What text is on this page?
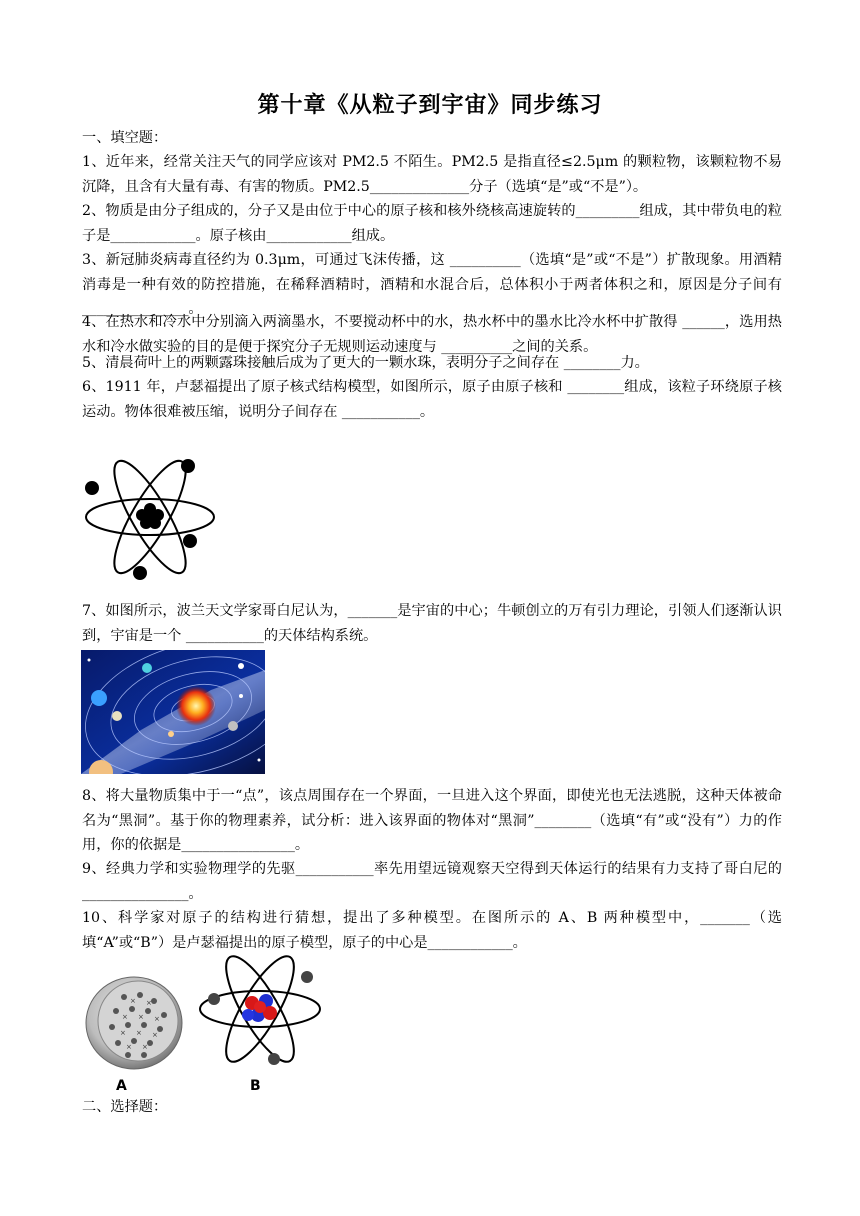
第十章《从粒子到宇宙》同步练习
一、填空题：
1、近年来，经常关注天气的同学应该对 PM2.5 不陌生。PM2.5 是指直径≤2.5μm 的颗粒物，该颗粒物不易沉降，且含有大量有毒、有害的物质。PM2.5______________分子（选填“是”或“不是”）。
2、物质是由分子组成的，分子又是由位于中心的原子核和核外绕核高速旋转的_________组成，其中带负电的粒子是____________。原子核由____________组成。
3、新冠肺炎病毒直径约为 0.3μm，可通过飞沫传播，这 __________（选填“是”或“不是”）扩散现象。用酒精消毒是一种有效的防控措施，在稀释酒精时，酒精和水混合后，总体积小于两者体积之和，原因是分子间有 _______________。
4、在热水和冷水中分别滴入两滴墨水，不要搅动杯中的水，热水杯中的墨水比冷水杯中扩散得 ______，选用热水和冷水做实验的目的是便于探究分子无规则运动速度与 __________之间的关系。
5、清晨荷叶上的两颗露珠接触后成为了更大的一颗水珠，表明分子之间存在 ________力。
6、1911 年，卢瑟福提出了原子核式结构模型，如图所示，原子由原子核和 ________组成，该粒子环绕原子核运动。物体很难被压缩，说明分子间存在 ___________。
7、如图所示，波兰天文学家哥白尼认为，_______是宇宙的中心；牛顿创立的万有引力理论，引领人们逐渐认识到，宇宙是一个 ___________的天体结构系统。
8、将大量物质集中于一“点”，该点周围存在一个界面，一旦进入这个界面，即使光也无法逃脱，这种天体被命名为“黑洞”。基于你的物理素养，试分析：进入该界面的物体对“黑洞”________（选填“有”或“没有”）力的作用，你的依据是________________。
9、经典力学和实验物理学的先驱___________率先用望远镜观察天空得到天体运行的结果有力支持了哥白尼的_______________。
10、科学家对原子的结构进行猜想，提出了多种模型。在图所示的 A、B 两种模型中，_______（选填“A”或“B”）是卢瑟福提出的原子模型，原子的中心是____________。
× ×
× × ×
× × ×
× ×
A	B
二、选择题：
